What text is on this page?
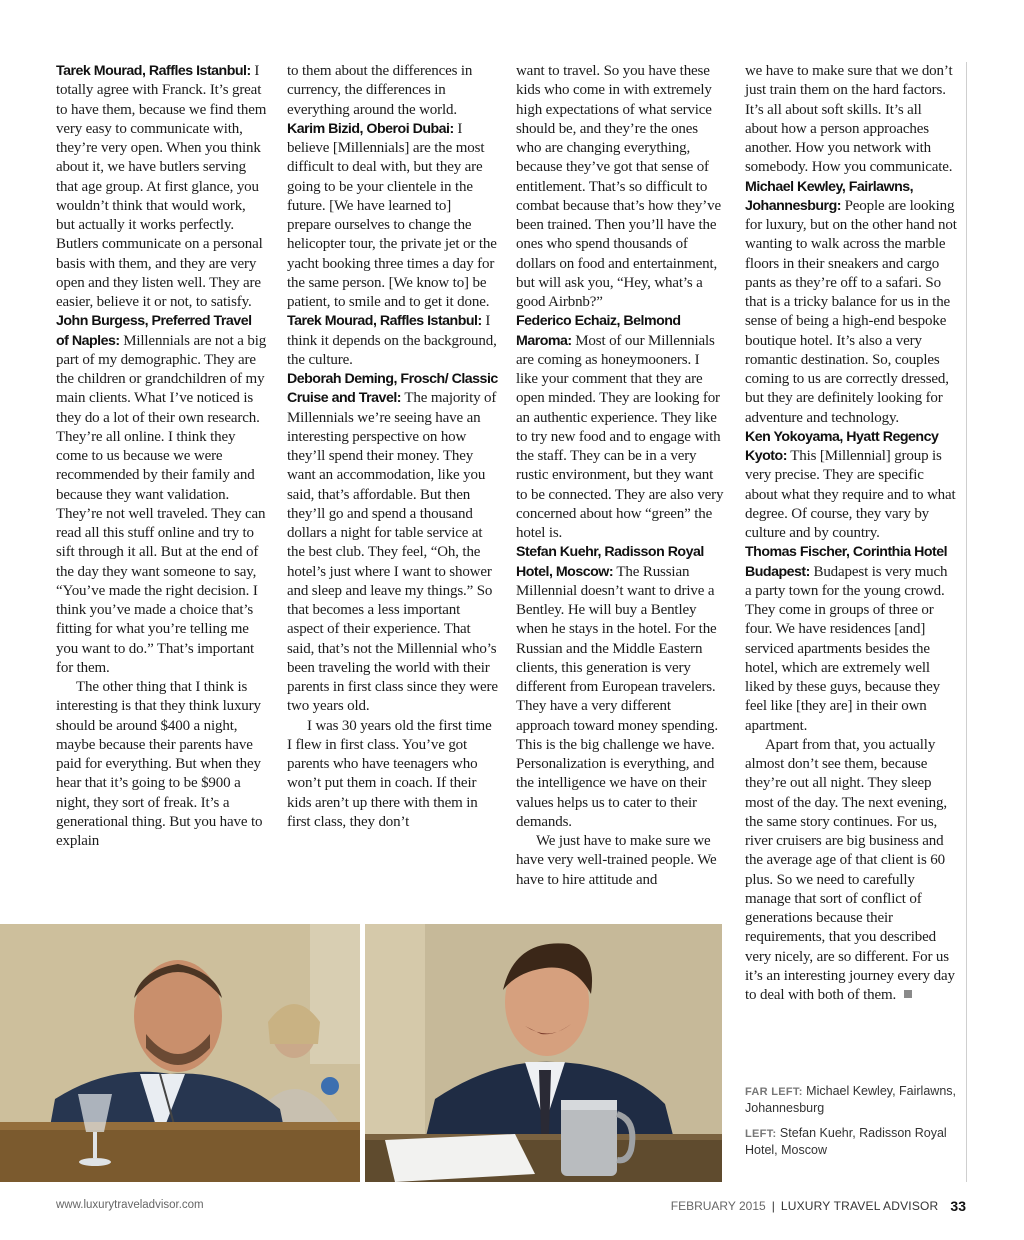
Tarek Mourad, Raffles Istanbul: I totally agree with Franck. It’s great to have them, because we find them very easy to communicate with, they’re very open. When you think about it, we have butlers serving that age group. At first glance, you wouldn’t think that would work, but actually it works perfectly. Butlers communicate on a personal basis with them, and they are very open and they listen well. They are easier, believe it or not, to satisfy.

John Burgess, Preferred Travel of Naples: Millennials are not a big part of my demographic. They are the children or grandchildren of my main clients. What I’ve noticed is they do a lot of their own research. They’re all online. I think they come to us because we were recommended by their family and because they want validation. They’re not well traveled. They can read all this stuff online and try to sift through it all. But at the end of the day they want someone to say, “You’ve made the right decision. I think you’ve made a choice that’s fitting for what you’re telling me you want to do.” That’s important for them.

The other thing that I think is interesting is that they think luxury should be around $400 a night, maybe because their parents have paid for everything. But when they hear that it’s going to be $900 a night, they sort of freak. It’s a generational thing. But you have to explain

to them about the differences in currency, the differences in everything around the world.

Karim Bizid, Oberoi Dubai: I believe [Millennials] are the most difficult to deal with, but they are going to be your clientele in the future. [We have learned to] prepare ourselves to change the helicopter tour, the private jet or the yacht booking three times a day for the same person. [We know to] be patient, to smile and to get it done.

Tarek Mourad, Raffles Istanbul: I think it depends on the background, the culture.

Deborah Deming, Frosch/ Classic Cruise and Travel: The majority of Millennials we’re seeing have an interesting perspective on how they’ll spend their money. They want an accommodation, like you said, that’s affordable. But then they’ll go and spend a thousand dollars a night for table service at the best club. They feel, “Oh, the hotel’s just where I want to shower and sleep and leave my things.” So that becomes a less important aspect of their experience. That said, that’s not the Millennial who’s been traveling the world with their parents in first class since they were two years old.

I was 30 years old the first time I flew in first class. You’ve got parents who have teenagers who won’t put them in coach. If their kids aren’t up there with them in first class, they don’t

want to travel. So you have these kids who come in with extremely high expectations of what service should be, and they’re the ones who are changing everything, because they’ve got that sense of entitlement. That’s so difficult to combat because that’s how they’ve been trained. Then you’ll have the ones who spend thousands of dollars on food and entertainment, but will ask you, “Hey, what’s a good Airbnb?”

Federico Echaiz, Belmond Maroma: Most of our Millennials are coming as honeymooners. I like your comment that they are open minded. They are looking for an authentic experience. They like to try new food and to engage with the staff. They can be in a very rustic environment, but they want to be connected. They are also very concerned about how “green” the hotel is.

Stefan Kuehr, Radisson Royal Hotel, Moscow: The Russian Millennial doesn’t want to drive a Bentley. He will buy a Bentley when he stays in the hotel. For the Russian and the Middle Eastern clients, this generation is very different from European travelers. They have a very different approach toward money spending. This is the big challenge we have. Personalization is everything, and the intelligence we have on their values helps us to cater to their demands.

We just have to make sure we have very well-trained people. We have to hire attitude and

we have to make sure that we don’t just train them on the hard factors. It’s all about soft skills. It’s all about how a person approaches another. How you network with somebody. How you communicate.

Michael Kewley, Fairlawns, Johannesburg: People are looking for luxury, but on the other hand not wanting to walk across the marble floors in their sneakers and cargo pants as they’re off to a safari. So that is a tricky balance for us in the sense of being a high-end bespoke boutique hotel. It’s also a very romantic destination. So, couples coming to us are correctly dressed, but they are definitely looking for adventure and technology.

Ken Yokoyama, Hyatt Regency Kyoto: This [Millennial] group is very precise. They are specific about what they require and to what degree. Of course, they vary by culture and by country.

Thomas Fischer, Corinthia Hotel Budapest: Budapest is very much a party town for the young crowd. They come in groups of three or four. We have residences [and] serviced apartments besides the hotel, which are extremely well liked by these guys, because they feel like [they are] in their own apartment.

Apart from that, you actually almost don’t see them, because they’re out all night. They sleep most of the day. The next evening, the same story continues. For us, river cruisers are big business and the average age of that client is 60 plus. So we need to carefully manage that sort of conflict of generations because their requirements, that you described very nicely, are so different. For us it’s an interesting journey every day to deal with both of them.

FAR LEFT: Michael Kewley, Fairlawns, Johannesburg
LEFT: Stefan Kuehr, Radisson Royal Hotel, Moscow
www.luxurytraveladvisor.com	FEBRUARY 2015 | LUXURY TRAVEL ADVISOR 33
